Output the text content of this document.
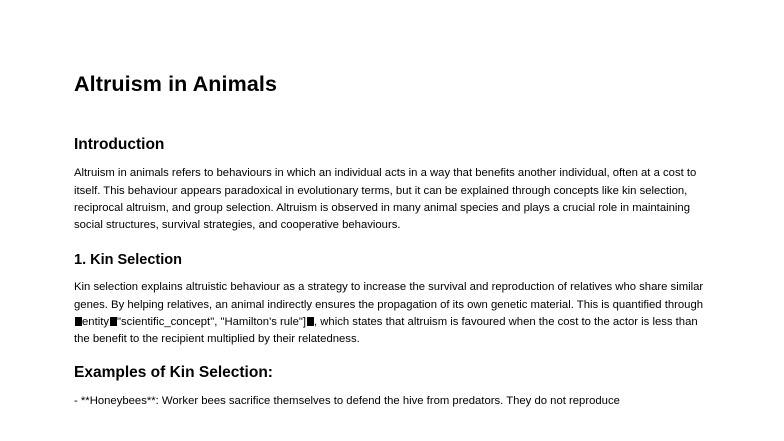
Altruism in Animals
Introduction

Altruism in animals refers to behaviours in which an individual acts in a way that benefits another individual, often at a cost to itself. This behaviour appears paradoxical in evolutionary terms, but it can be explained through concepts like kin selection, reciprocal altruism, and group selection. Altruism is observed in many animal species and plays a crucial role in maintaining social structures, survival strategies, and cooperative behaviours.

1. Kin Selection

Kin selection explains altruistic behaviour as a strategy to increase the survival and reproduction of relatives who share similar genes. By helping relatives, an animal indirectly ensures the propagation of its own genetic material. This is quantified through entity "scientific_concept", "Hamilton's rule"] , which states that altruism is favoured when the cost to the actor is less than the benefit to the recipient multiplied by their relatedness.

Examples of Kin Selection:

- **Honeybees**: Worker bees sacrifice themselves to defend the hive from predators. They do not reproduce
